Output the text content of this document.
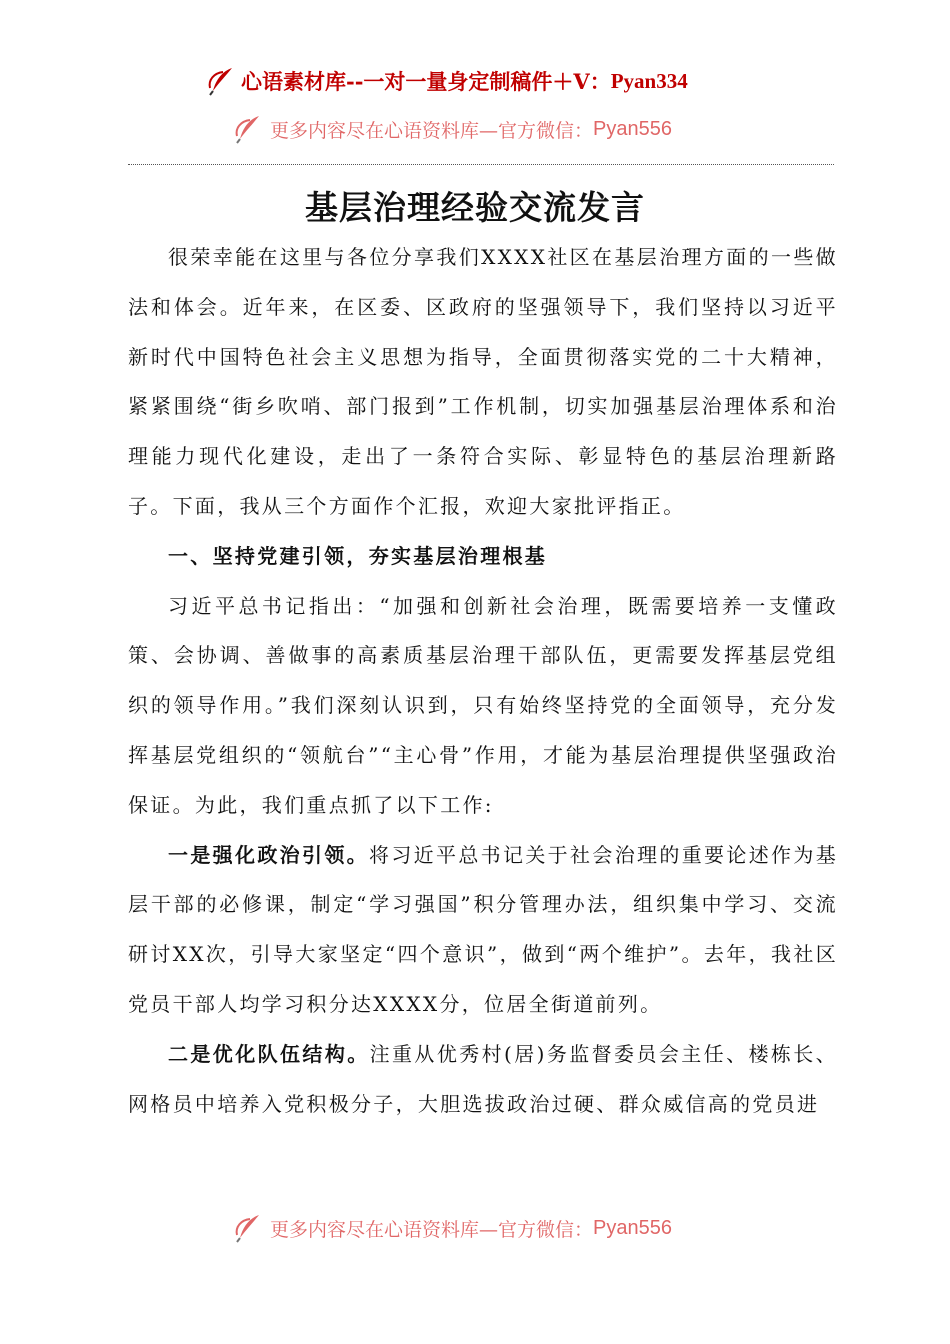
心语素材库 --一对一量身定制稿件＋V： Pyan334
更多内容尽在心语资料库—官方微信： Pyan556
基层治理经验交流发言

很荣幸能在这里与各位分享我们XXXX社区在基层治理方面的一些做法和体会。近年来，在区委、区政府的坚强领导下，我们坚持以习近平新时代中国特色社会主义思想为指导，全面贯彻落实党的二十大精神，紧紧围绕“街乡吹哨、部门报到”工作机制，切实加强基层治理体系和治理能力现代化建设，走出了一条符合实际、彰显特色的基层治理新路子。下面，我从三个方面作个汇报，欢迎大家批评指正。

一、坚持党建引领，夯实基层治理根基

习近平总书记指出：“加强和创新社会治理，既需要培养一支懂政策、会协调、善做事的高素质基层治理干部队伍，更需要发挥基层党组织的领导作用。”我们深刻认识到，只有始终坚持党的全面领导，充分发挥基层党组织的“领航台”“主心骨”作用，才能为基层治理提供坚强政治保证。为此，我们重点抓了以下工作:

一是强化政治引领。将习近平总书记关于社会治理的重要论述作为基层干部的必修课，制定“学习强国”积分管理办法，组织集中学习、交流研讨XX次，引导大家坚定“四个意识”，做到“两个维护”。去年，我社区党员干部人均学习积分达XXXX分，位居全街道前列。

二是优化队伍结构。注重从优秀村(居)务监督委员会主任、楼栋长、网格员中培养入党积极分子，大胆选拔政治过硬、群众威信高的党员进

更多内容尽在心语资料库—官方微信： Pyan556
